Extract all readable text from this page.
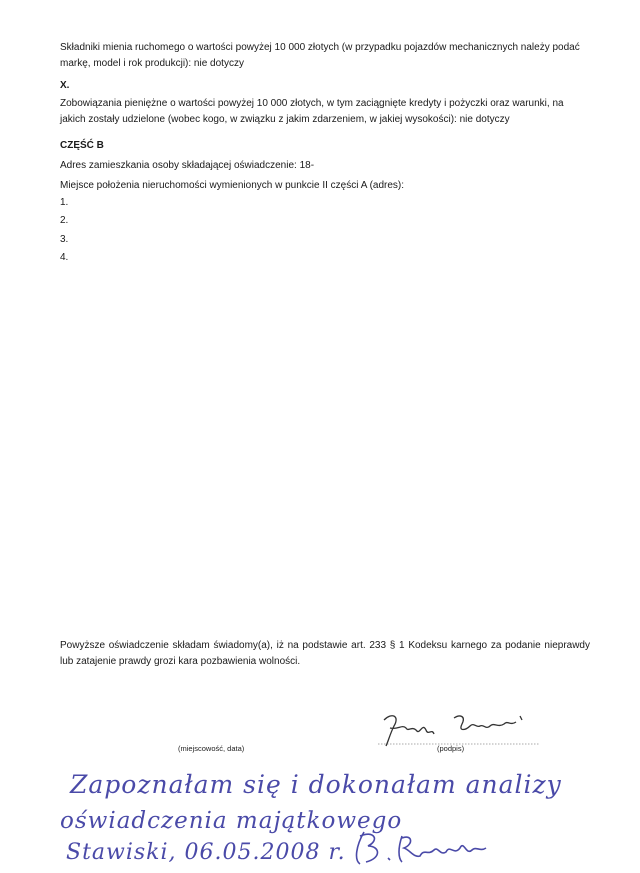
Składniki mienia ruchomego o wartości powyżej 10 000 złotych (w przypadku pojazdów mechanicznych należy podać markę, model i rok produkcji): nie dotyczy
X.
Zobowiązania pieniężne o wartości powyżej 10 000 złotych, w tym zaciągnięte kredyty i pożyczki oraz warunki, na jakich zostały udzielone (wobec kogo, w związku z jakim zdarzeniem, w jakiej wysokości): nie dotyczy
CZĘŚĆ B
Adres zamieszkania osoby składającej oświadczenie: 18-
Miejsce położenia nieruchomości wymienionych w punkcie II części A (adres):
1.
2.
3.
4.
Powyższe oświadczenie składam świadomy(a), iż na podstawie art. 233 § 1 Kodeksu karnego za podanie nieprawdy lub zatajenie prawdy grozi kara pozbawienia wolności.
(miejscowość, data)	(podpis)
Zapoznałam się i dokonałam analizy
oświadczenia majątkowego
Stawiski, 06.05.2008 r.
